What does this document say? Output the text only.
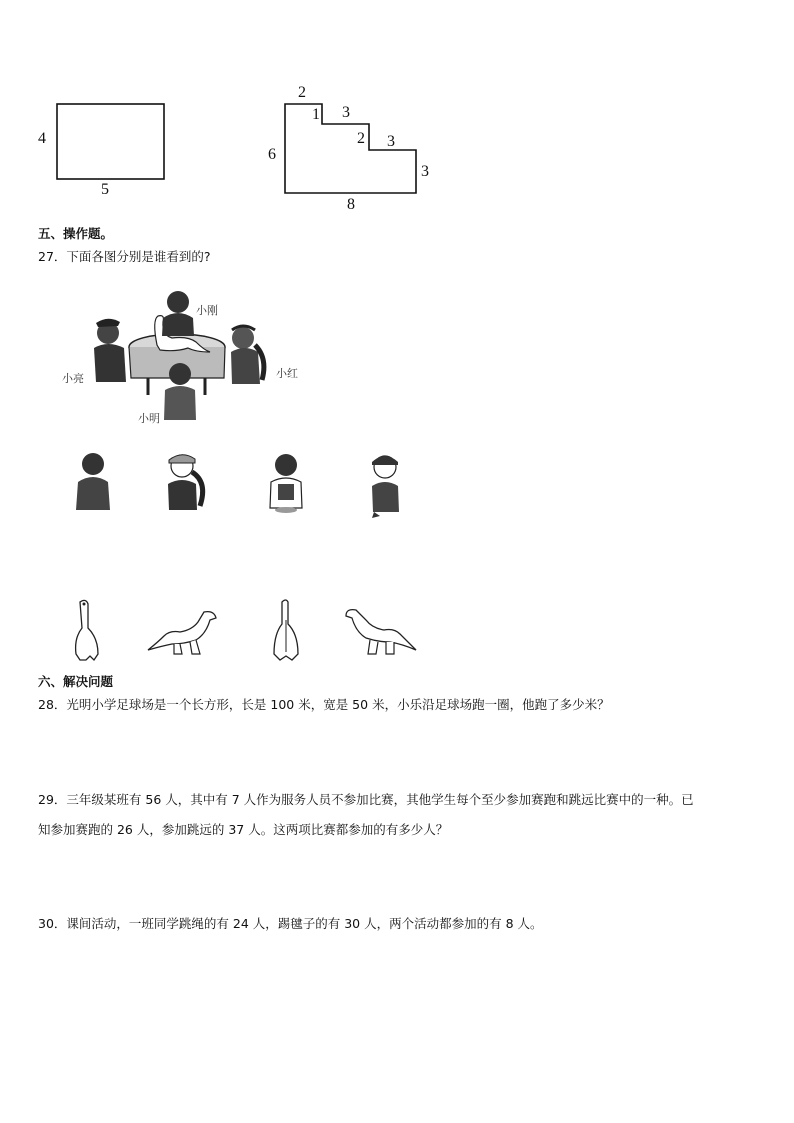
4
5
2
1 3
2 3
6
3
8
五、操作题。
27．下面各图分别是谁看到的?
小刚
小亮	小红
小明
六、解决问题
28．光明小学足球场是一个长方形，长是 100 米，宽是 50 米，小乐沿足球场跑一圈，他跑了多少米？
29．三年级某班有 56 人，其中有 7 人作为服务人员不参加比赛，其他学生每个至少参加赛跑和跳远比赛中的一种。已
知参加赛跑的 26 人，参加跳远的 37 人。这两项比赛都参加的有多少人？
30．课间活动，一班同学跳绳的有 24 人，踢毽子的有 30 人，两个活动都参加的有 8 人。
